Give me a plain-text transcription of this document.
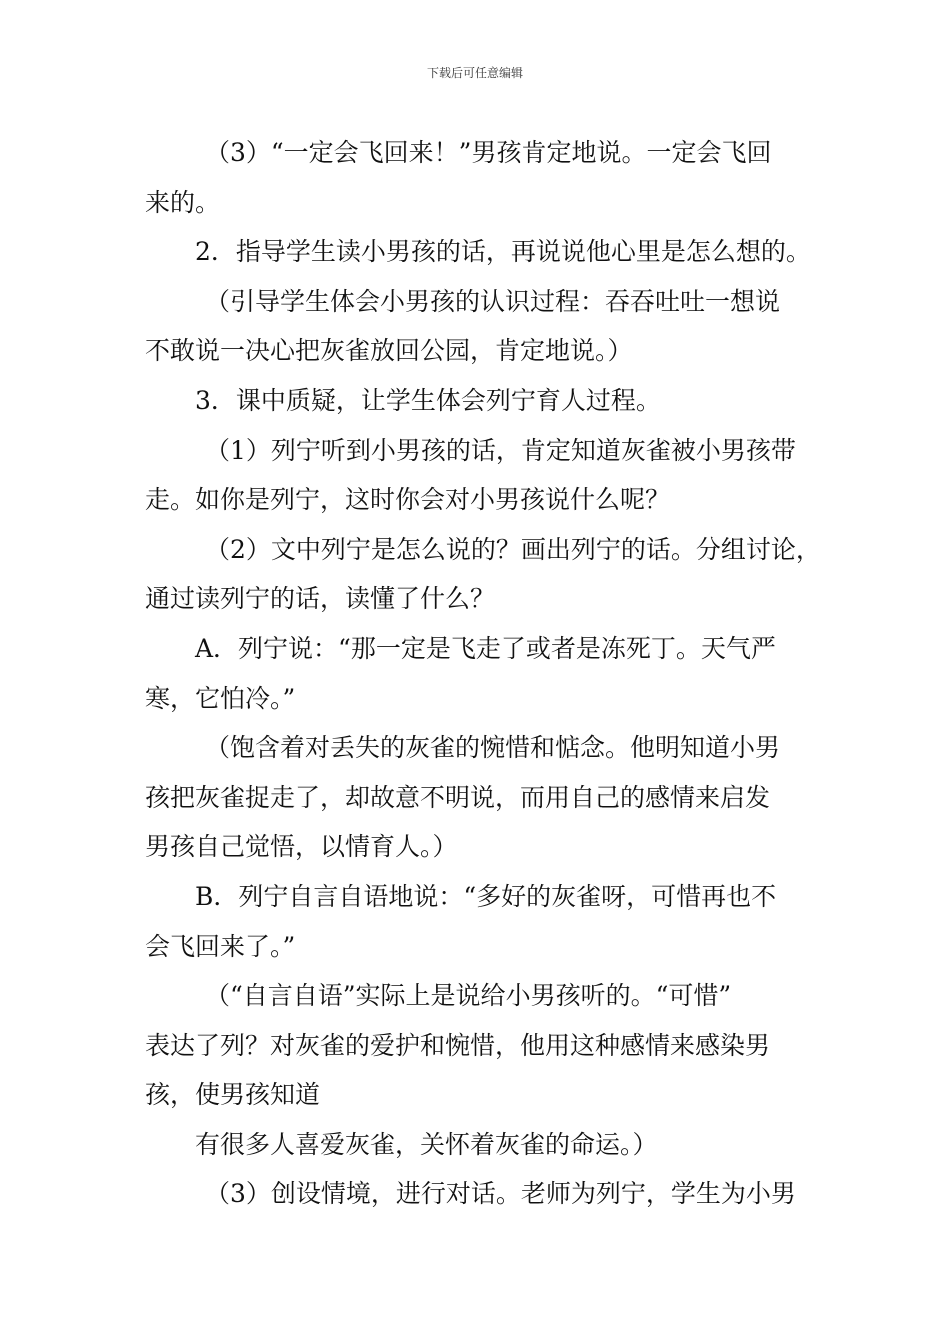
下载后可任意编辑
（3）“一定会飞回来！”男孩肯定地说。一定会飞回
来的。
2．指导学生读小男孩的话，再说说他心里是怎么想的。
（引导学生体会小男孩的认识过程：吞吞吐吐一想说
不敢说一决心把灰雀放回公园，肯定地说。）
3．课中质疑，让学生体会列宁育人过程。
（1）列宁听到小男孩的话，肯定知道灰雀被小男孩带
走。如你是列宁，这时你会对小男孩说什么呢？
（2）文中列宁是怎么说的？画出列宁的话。分组讨论，
通过读列宁的话，读懂了什么？
A．列宁说：“那一定是飞走了或者是冻死丁。天气严
寒，它怕冷。”
（饱含着对丢失的灰雀的惋惜和惦念。他明知道小男
孩把灰雀捉走了，却故意不明说，而用自己的感情来启发
男孩自己觉悟，以情育人。）
B．列宁自言自语地说：“多好的灰雀呀，可惜再也不
会飞回来了。”
（“自言自语”实际上是说给小男孩听的。“可惜”
表达了列？对灰雀的爱护和惋惜，他用这种感情来感染男
孩，使男孩知道
有很多人喜爱灰雀，关怀着灰雀的命运。）
（3）创设情境，进行对话。老师为列宁，学生为小男
